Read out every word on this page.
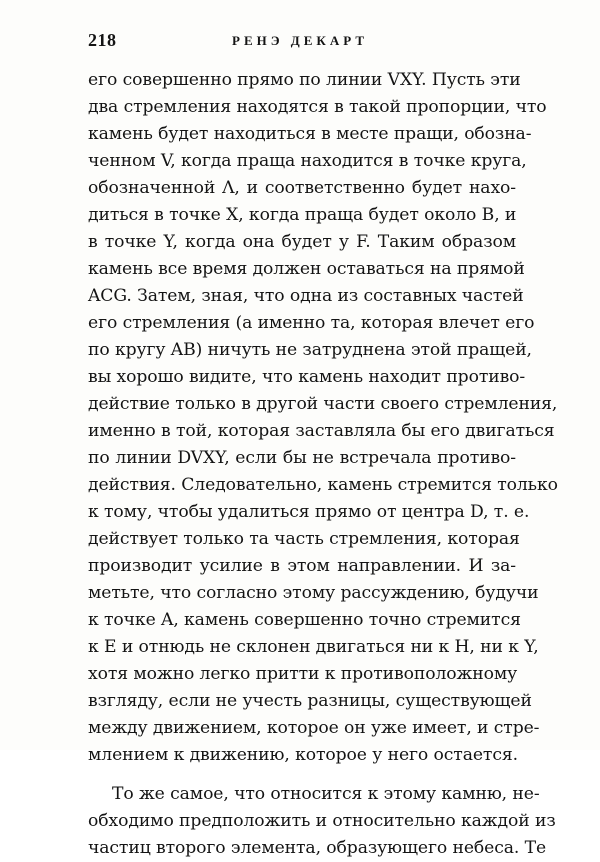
218	РЕНЭ ДЕКАРТ
его совершенно прямо по линии VXY. Пусть эти
два стремления находятся в такой пропорции, что
камень будет находиться в месте пращи, обозна-
ченном V, когда праща находится в точке круга,
обозначенной Λ, и соответственно будет нахо-
диться в точке X, когда праща будет около B, и
в точке Y, когда она будет у F. Таким образом
камень все время должен оставаться на прямой
ACG. Затем, зная, что одна из составных частей
его стремления (а именно та, которая влечет его
по кругу AB) ничуть не затруднена этой пращей,
вы хорошо видите, что камень находит противо-
действие только в другой части своего стремления,
именно в той, которая заставляла бы его двигаться
по линии DVXY, если бы не встречала противо-
действия. Следовательно, камень стремится только
к тому, чтобы удалиться прямо от центра D, т. е.
действует только та часть стремления, которая
производит усилие в этом направлении. И за-
метьте, что согласно этому рассуждению, будучи
к точке A, камень совершенно точно стремится
к E и отнюдь не склонен двигаться ни к H, ни к Y,
хотя можно легко притти к противоположному
взгляду, если не учесть разницы, существующей
между движением, которое он уже имеет, и стре-
млением к движению, которое у него остается.
То же самое, что относится к этому камню, не-
обходимо предположить и относительно каждой из
частиц второго элемента, образующего небеса. Те
